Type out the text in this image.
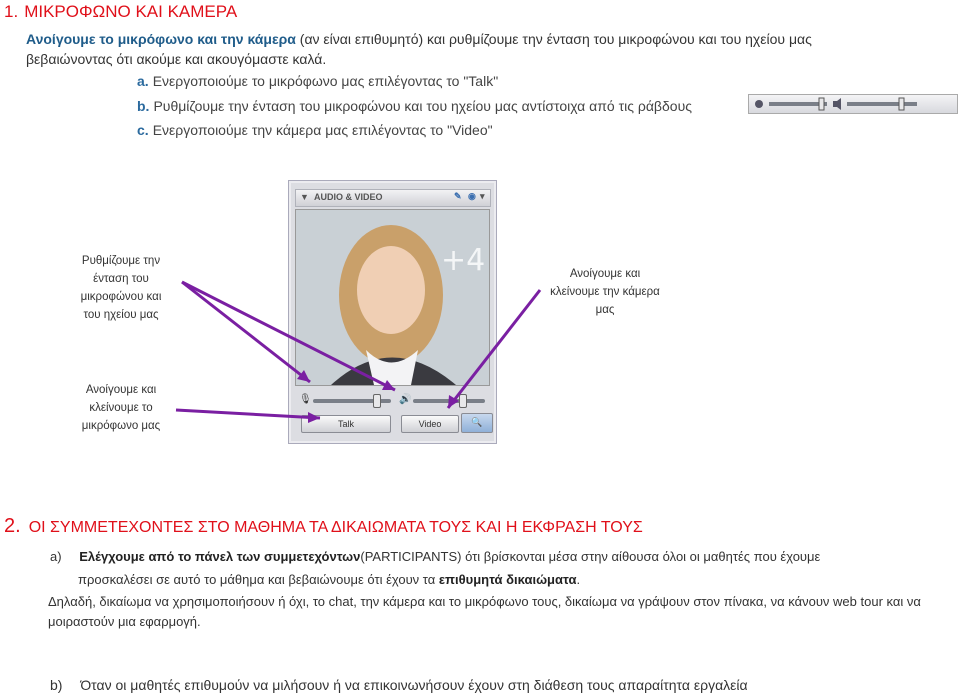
1. ΜΙΚΡΟΦΩΝΟ ΚΑΙ ΚΑΜΕΡΑ
Ανοίγουμε το μικρόφωνο και την κάμερα (αν είναι επιθυμητό) και ρυθμίζουμε την ένταση του μικροφώνου και του ηχείου μας
βεβαιώνοντας ότι ακούμε και ακουγόμαστε καλά.
a. Ενεργοποιούμε το μικρόφωνο μας επιλέγοντας το "Talk"
b. Ρυθμίζουμε την ένταση του μικροφώνου και του ηχείου μας αντίστοιχα από τις ράβδους
c. Ενεργοποιούμε την κάμερα μας επιλέγοντας το "Video"
Ρυθμίζουμε την
ένταση του
μικροφώνου και
του ηχείου μας
Ανοίγουμε και
κλείνουμε την κάμερα
μας
Ανοίγουμε και
κλείνουμε το
μικρόφωνο μας
▼ AUDIO & VIDEO	✎ ◉ ▾
+4
🎙	🔊
Talk	Video	🔍
2. ΟΙ ΣΥΜΜΕΤΕΧΟΝΤΕΣ ΣΤΟ ΜΑΘΗΜΑ ΤΑ ΔΙΚΑΙΩΜΑΤΑ ΤΟΥΣ ΚΑΙ Η ΕΚΦΡΑΣΗ ΤΟΥΣ
a) Ελέγχουμε από το πάνελ των συμμετεχόντων(PARTICIPANTS) ότι βρίσκονται μέσα στην αίθουσα όλοι οι μαθητές που έχουμε
προσκαλέσει σε αυτό το μάθημα και βεβαιώνουμε ότι έχουν τα επιθυμητά δικαιώματα.
Δηλαδή, δικαίωμα να χρησιμοποιήσουν ή όχι, το chat, την κάμερα και το μικρόφωνο τους, δικαίωμα να γράψουν στον πίνακα, να κάνουν web tour και να
μοιραστούν μια εφαρμογή.
b) Όταν οι μαθητές επιθυμούν να μιλήσουν ή να επικοινωνήσουν έχουν στη διάθεση τους απαραίτητα εργαλεία
